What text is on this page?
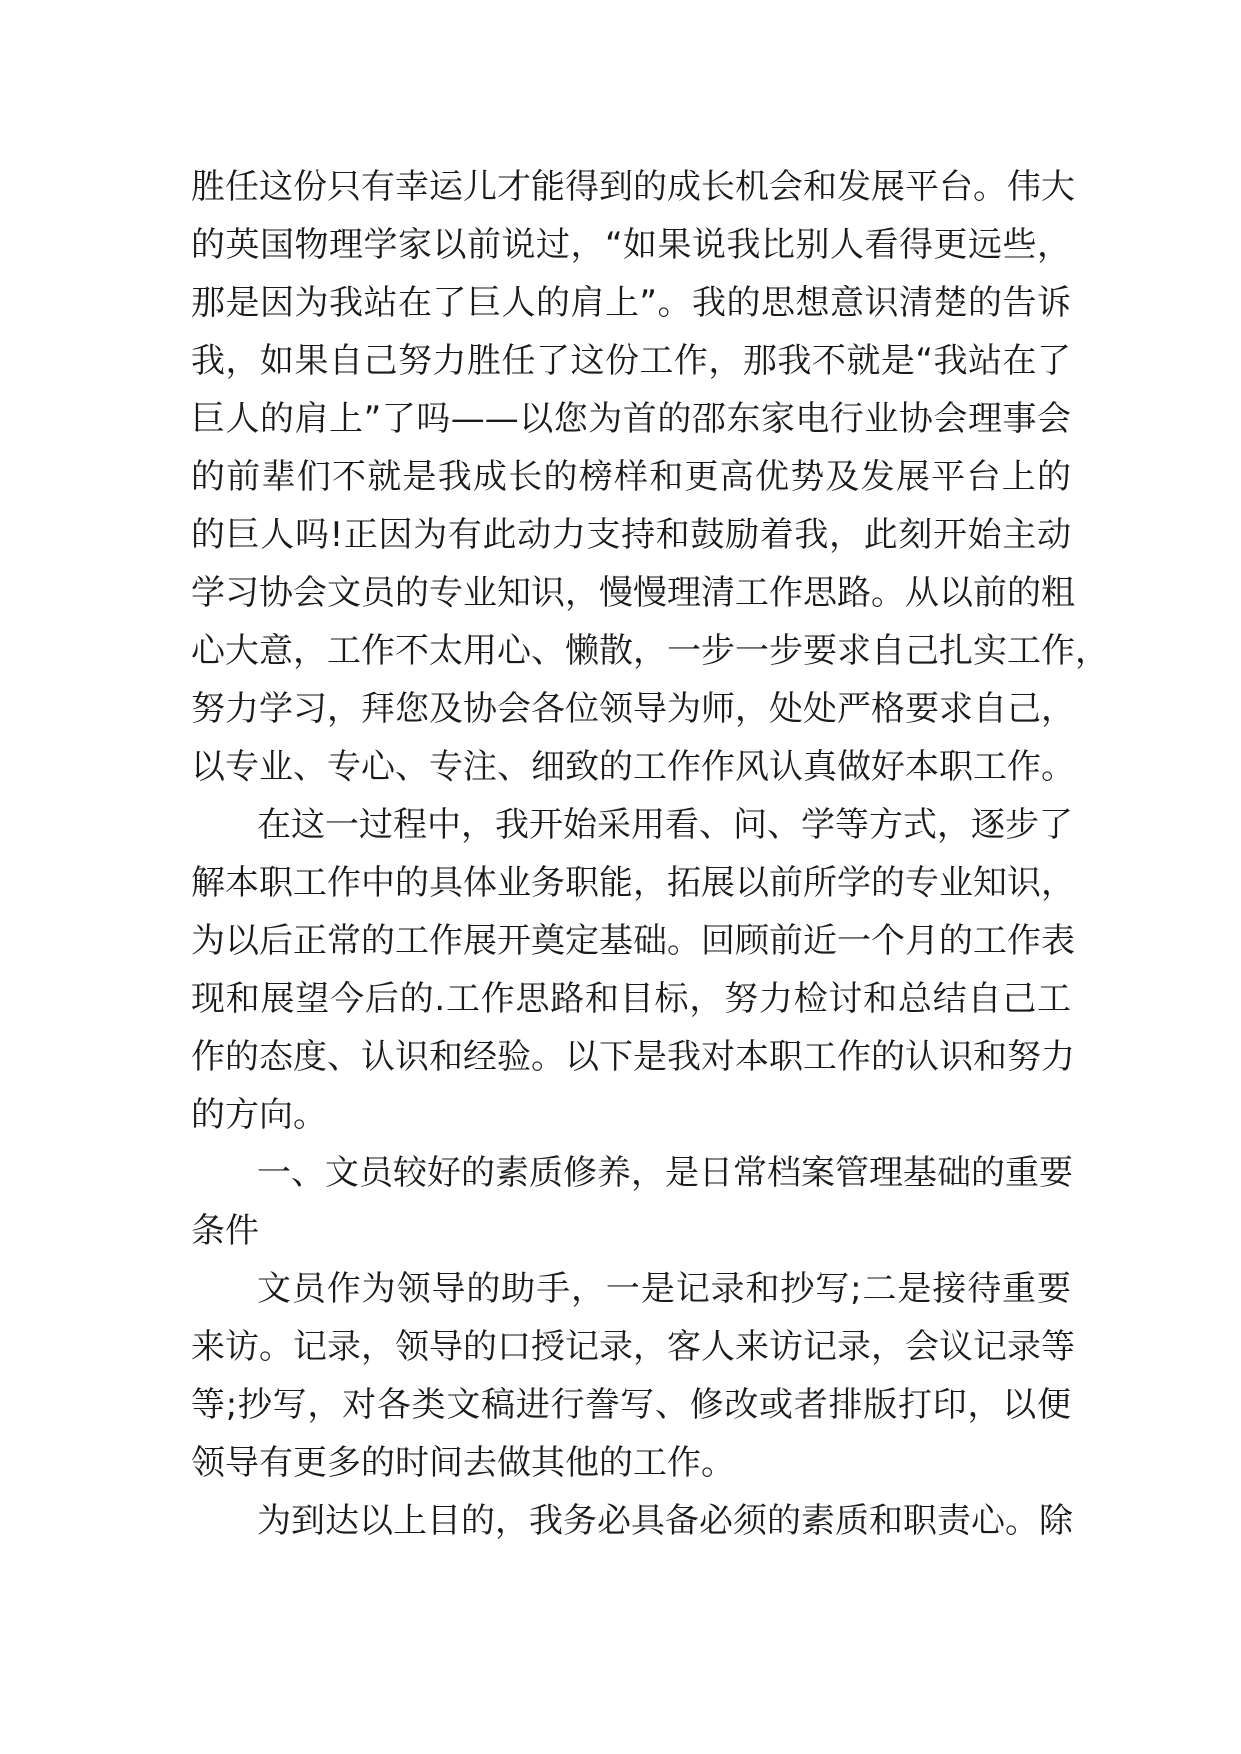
胜任这份只有幸运儿才能得到的成长机会和发展平台。伟大
的英国物理学家以前说过，“如果说我比别人看得更远些，
那是因为我站在了巨人的肩上”。我的思想意识清楚的告诉
我，如果自己努力胜任了这份工作，那我不就是“我站在了
巨人的肩上”了吗——以您为首的邵东家电行业协会理事会
的前辈们不就是我成长的榜样和更高优势及发展平台上的
的巨人吗!正因为有此动力支持和鼓励着我，此刻开始主动
学习协会文员的专业知识，慢慢理清工作思路。从以前的粗
心大意，工作不太用心、懒散，一步一步要求自己扎实工作，
努力学习，拜您及协会各位领导为师，处处严格要求自己，
以专业、专心、专注、细致的工作作风认真做好本职工作。
在这一过程中，我开始采用看、问、学等方式，逐步了
解本职工作中的具体业务职能，拓展以前所学的专业知识，
为以后正常的工作展开奠定基础。回顾前近一个月的工作表
现和展望今后的.工作思路和目标，努力检讨和总结自己工
作的态度、认识和经验。以下是我对本职工作的认识和努力
的方向。
一、文员较好的素质修养，是日常档案管理基础的重要
条件
文员作为领导的助手，一是记录和抄写;二是接待重要
来访。记录，领导的口授记录，客人来访记录，会议记录等
等;抄写，对各类文稿进行誊写、修改或者排版打印，以便
领导有更多的时间去做其他的工作。
为到达以上目的，我务必具备必须的素质和职责心。除
